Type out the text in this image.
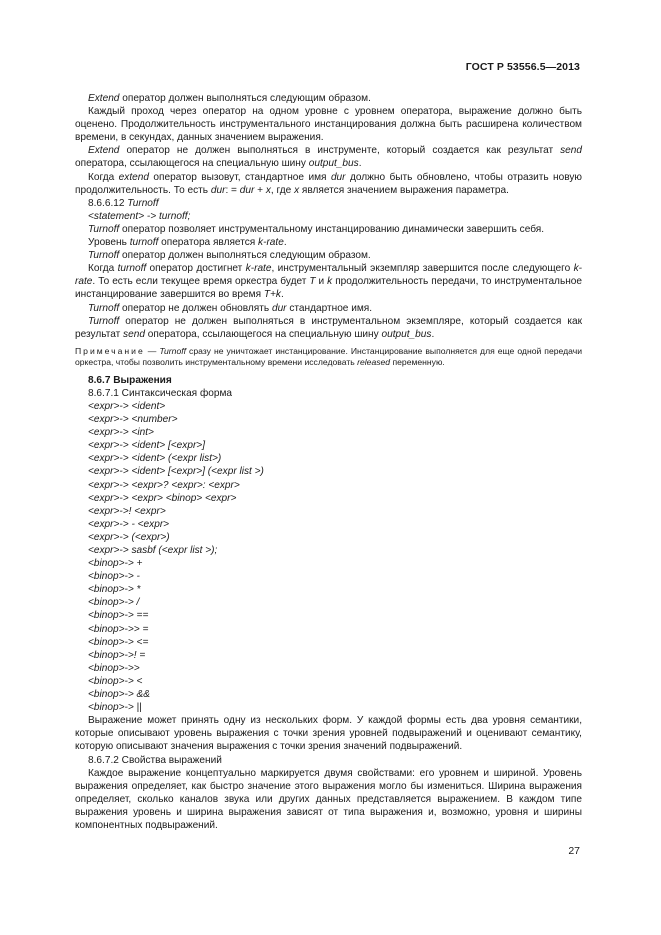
ГОСТ Р 53556.5—2013

Extend оператор должен выполняться следующим образом.

Каждый проход через оператор на одном уровне с уровнем оператора, выражение должно быть оценено. Продолжительность инструментального инстанцирования должна быть расширена количеством времени, в секундах, данных значением выражения.

Extend оператор не должен выполняться в инструменте, который создается как результат send оператора, ссылающегося на специальную шину output_bus.

Когда extend оператор вызовут, стандартное имя dur должно быть обновлено, чтобы отразить новую продолжительность. То есть dur: = dur + x, где x является значением выражения параметра.

8.6.6.12 Turnoff

<statement> -> turnoff;

Turnoff оператор позволяет инструментальному инстанцированию динамически завершить себя.

Уровень turnoff оператора является k-rate.

Turnoff оператор должен выполняться следующим образом.

Когда turnoff оператор достигнет k-rate, инструментальный экземпляр завершится после следующего k-rate. То есть если текущее время оркестра будет T и k продолжительность передачи, то инструментальное инстанцирование завершится во время T+k.

Turnoff оператор не должен обновлять dur стандартное имя.

Turnoff оператор не должен выполняться в инструментальном экземпляре, который создается как результат send оператора, ссылающегося на специальную шину output_bus.

Примечание — Turnoff сразу не уничтожает инстанцирование. Инстанцирование выполняется для еще одной передачи оркестра, чтобы позволить инструментальному времени исследовать released переменную.

8.6.7 Выражения

8.6.7.1 Синтаксическая форма

<expr>-> <ident>

<expr>-> <number>

<expr>-> <int>

<expr>-> <ident> [<expr>]

<expr>-> <ident> (<expr list>)

<expr>-> <ident> [<expr>] (<expr list >)

<expr>-> <expr>? <expr>: <expr>

<expr>-> <expr> <binop> <expr>

<expr>->! <expr>

<expr>-> - <expr>

<expr>-> (<expr>)

<expr>-> sasbf (<expr list >);

<binop>-> +

<binop>-> -

<binop>-> *

<binop>-> /

<binop>-> ==

<binop>->> =

<binop>-> <=

<binop>->! =

<binop>->>

<binop>-> <

<binop>-> &&

<binop>-> ||

Выражение может принять одну из нескольких форм. У каждой формы есть два уровня семантики, которые описывают уровень выражения с точки зрения уровней подвыражений и оценивают семантику, которую описывают значения выражения с точки зрения значений подвыражений.

8.6.7.2 Свойства выражений

Каждое выражение концептуально маркируется двумя свойствами: его уровнем и шириной. Уровень выражения определяет, как быстро значение этого выражения могло бы измениться. Ширина выражения определяет, сколько каналов звука или других данных представляется выражением. В каждом типе выражения уровень и ширина выражения зависят от типа выражения и, возможно, уровня и ширины компонентных подвыражений.

27
